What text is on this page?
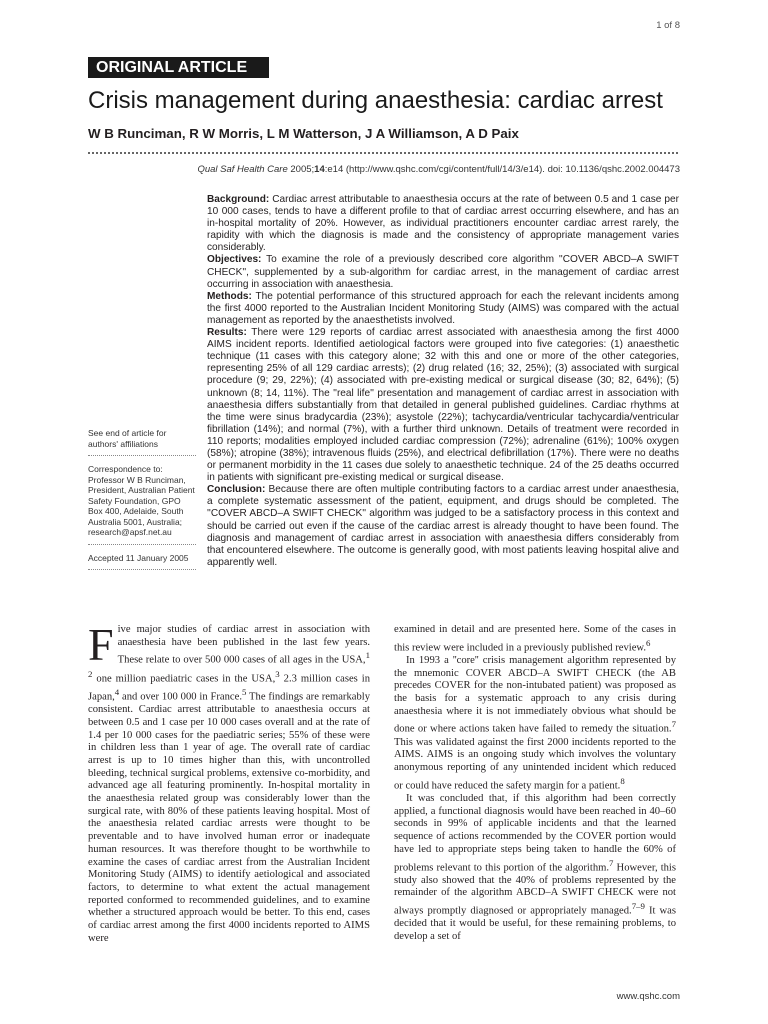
1 of 8
ORIGINAL ARTICLE
Crisis management during anaesthesia: cardiac arrest
W B Runciman, R W Morris, L M Watterson, J A Williamson, A D Paix
Qual Saf Health Care 2005;14:e14 (http://www.qshc.com/cgi/content/full/14/3/e14). doi: 10.1136/qshc.2002.004473

Background: Cardiac arrest attributable to anaesthesia occurs at the rate of between 0.5 and 1 case per 10 000 cases, tends to have a different profile to that of cardiac arrest occurring elsewhere, and has an in-hospital mortality of 20%. However, as individual practitioners encounter cardiac arrest rarely, the rapidity with which the diagnosis is made and the consistency of appropriate management varies considerably.

Objectives: To examine the role of a previously described core algorithm ''COVER ABCD–A SWIFT CHECK'', supplemented by a sub-algorithm for cardiac arrest, in the management of cardiac arrest occurring in association with anaesthesia.

Methods: The potential performance of this structured approach for each the relevant incidents among the first 4000 reported to the Australian Incident Monitoring Study (AIMS) was compared with the actual management as reported by the anaesthetists involved.

Results: There were 129 reports of cardiac arrest associated with anaesthesia among the first 4000 AIMS incident reports. Identified aetiological factors were grouped into five categories: (1) anaesthetic technique (11 cases with this category alone; 32 with this and one or more of the other categories, representing 25% of all 129 cardiac arrests); (2) drug related (16; 32, 25%); (3) associated with surgical procedure (9; 29, 22%); (4) associated with pre-existing medical or surgical disease (30; 82, 64%); (5) unknown (8; 14, 11%). The ''real life'' presentation and management of cardiac arrest in association with anaesthesia differs substantially from that detailed in general published guidelines. Cardiac rhythms at the time were sinus bradycardia (23%); asystole (22%); tachycardia/ventricular tachycardia/ventricular fibrillation (14%); and normal (7%), with a further third unknown. Details of treatment were recorded in 110 reports; modalities employed included cardiac compression (72%); adrenaline (61%); 100% oxygen (58%); atropine (38%); intravenous fluids (25%), and electrical defibrillation (17%). There were no deaths or permanent morbidity in the 11 cases due solely to anaesthetic technique. 24 of the 25 deaths occurred in patients with significant pre-existing medical or surgical disease.

Conclusion: Because there are often multiple contributing factors to a cardiac arrest under anaesthesia, a complete systematic assessment of the patient, equipment, and drugs should be completed. The ''COVER ABCD–A SWIFT CHECK'' algorithm was judged to be a satisfactory process in this context and should be carried out even if the cause of the cardiac arrest is already thought to have been found. The diagnosis and management of cardiac arrest in association with anaesthesia differs considerably from that encountered elsewhere. The outcome is generally good, with most patients leaving hospital alive and apparently well.

See end of article for authors' affiliations

Correspondence to: Professor W B Runciman, President, Australian Patient Safety Foundation, GPO Box 400, Adelaide, South Australia 5001, Australia; research@apsf.net.au

Accepted 11 January 2005

Five major studies of cardiac arrest in association with anaesthesia have been published in the last few years. These relate to over 500 000 cases of all ages in the USA,$^{1 2}$ one million paediatric cases in the USA,$^3$ 2.3 million cases in Japan,$^4$ and over 100 000 in France.$^5$ The findings are remarkably consistent. Cardiac arrest attributable to anaesthesia occurs at between 0.5 and 1 case per 10 000 cases overall and at the rate of 1.4 per 10 000 cases for the paediatric series; 55% of these were in children less than 1 year of age. The overall rate of cardiac arrest is up to 10 times higher than this, with uncontrolled bleeding, technical surgical problems, extensive co-morbidity, and advanced age all featuring prominently. In-hospital mortality in the anaesthesia related group was considerably lower than the surgical rate, with 80% of these patients leaving hospital. Most of the anaesthesia related cardiac arrests were thought to be preventable and to have involved human error or inadequate human resources. It was therefore thought to be worthwhile to examine the cases of cardiac arrest from the Australian Incident Monitoring Study (AIMS) to identify aetiological and associated factors, to determine to what extent the actual management reported conformed to recommended guidelines, and to examine whether a structured approach would be better. To this end, cases of cardiac arrest among the first 4000 incidents reported to AIMS were

examined in detail and are presented here. Some of the cases in this review were included in a previously published review.$^6$

In 1993 a ''core'' crisis management algorithm represented by the mnemonic COVER ABCD–A SWIFT CHECK (the AB precedes COVER for the non-intubated patient) was proposed as the basis for a systematic approach to any crisis during anaesthesia where it is not immediately obvious what should be done or where actions taken have failed to remedy the situation.$^7$ This was validated against the first 2000 incidents reported to the AIMS. AIMS is an ongoing study which involves the voluntary anonymous reporting of any unintended incident which reduced or could have reduced the safety margin for a patient.$^8$

It was concluded that, if this algorithm had been correctly applied, a functional diagnosis would have been reached in 40–60 seconds in 99% of applicable incidents and that the learned sequence of actions recommended by the COVER portion would have led to appropriate steps being taken to handle the 60% of problems relevant to this portion of the algorithm.$^7$ However, this study also showed that the 40% of problems represented by the remainder of the algorithm ABCD–A SWIFT CHECK were not always promptly diagnosed or appropriately managed.$^{7-9}$ It was decided that it would be useful, for these remaining problems, to develop a set of

www.qshc.com
